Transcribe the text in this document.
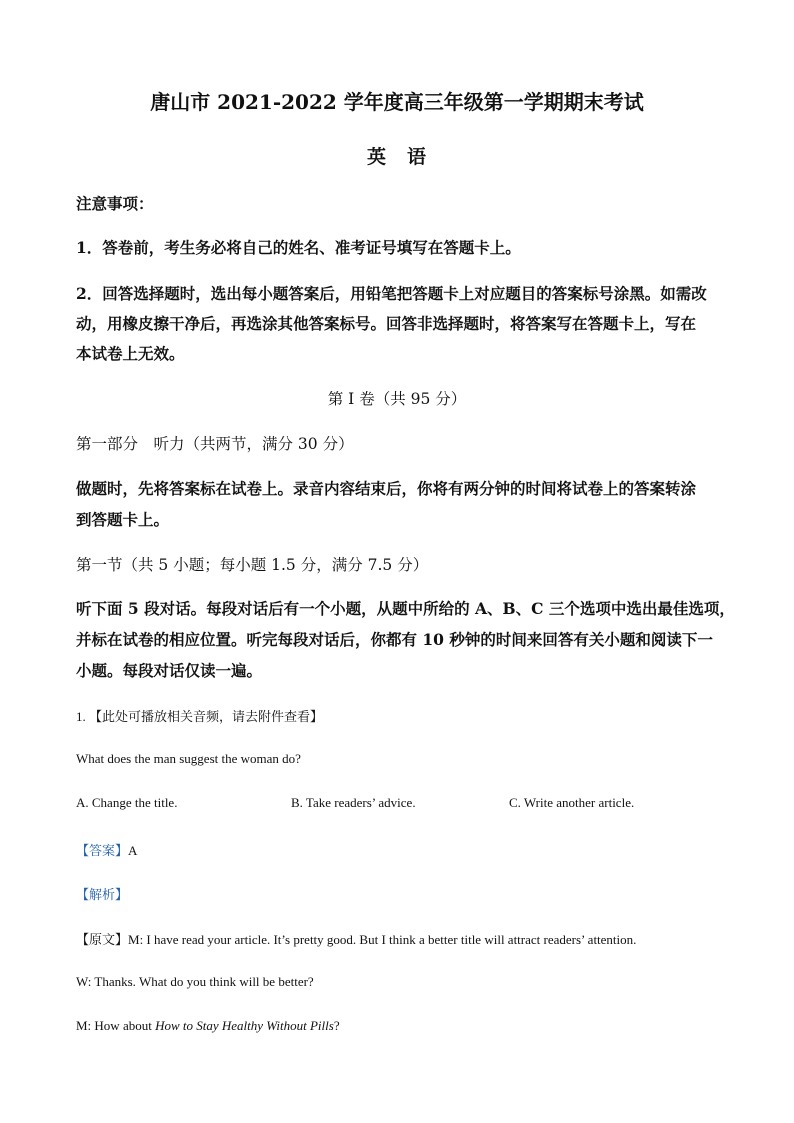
唐山市 2021-2022 学年度高三年级第一学期期末考试
英 语
注意事项：
1．答卷前，考生务必将自己的姓名、准考证号填写在答题卡上。
2．回答选择题时，选出每小题答案后，用铅笔把答题卡上对应题目的答案标号涂黑。如需改
动，用橡皮擦干净后，再选涂其他答案标号。回答非选择题时，将答案写在答题卡上，写在
本试卷上无效。
第 I 卷（共 95 分）
第一部分　听力（共两节，满分 30 分）
做题时，先将答案标在试卷上。录音内容结束后，你将有两分钟的时间将试卷上的答案转涂
到答题卡上。
第一节（共 5 小题；每小题 1.5 分，满分 7.5 分）
听下面 5 段对话。每段对话后有一个小题，从题中所给的 A、B、C 三个选项中选出最佳选项，
并标在试卷的相应位置。听完每段对话后，你都有 10 秒钟的时间来回答有关小题和阅读下一
小题。每段对话仅读一遍。
1. 【此处可播放相关音频，请去附件查看】
What does the man suggest the woman do?
A. Change the title.	B. Take readers’ advice.	C. Write another article.
【答案】A
【解析】
【原文】M: I have read your article. It’s pretty good. But I think a better title will attract readers’ attention.
W: Thanks. What do you think will be better?
M: How about How to Stay Healthy Without Pills?
